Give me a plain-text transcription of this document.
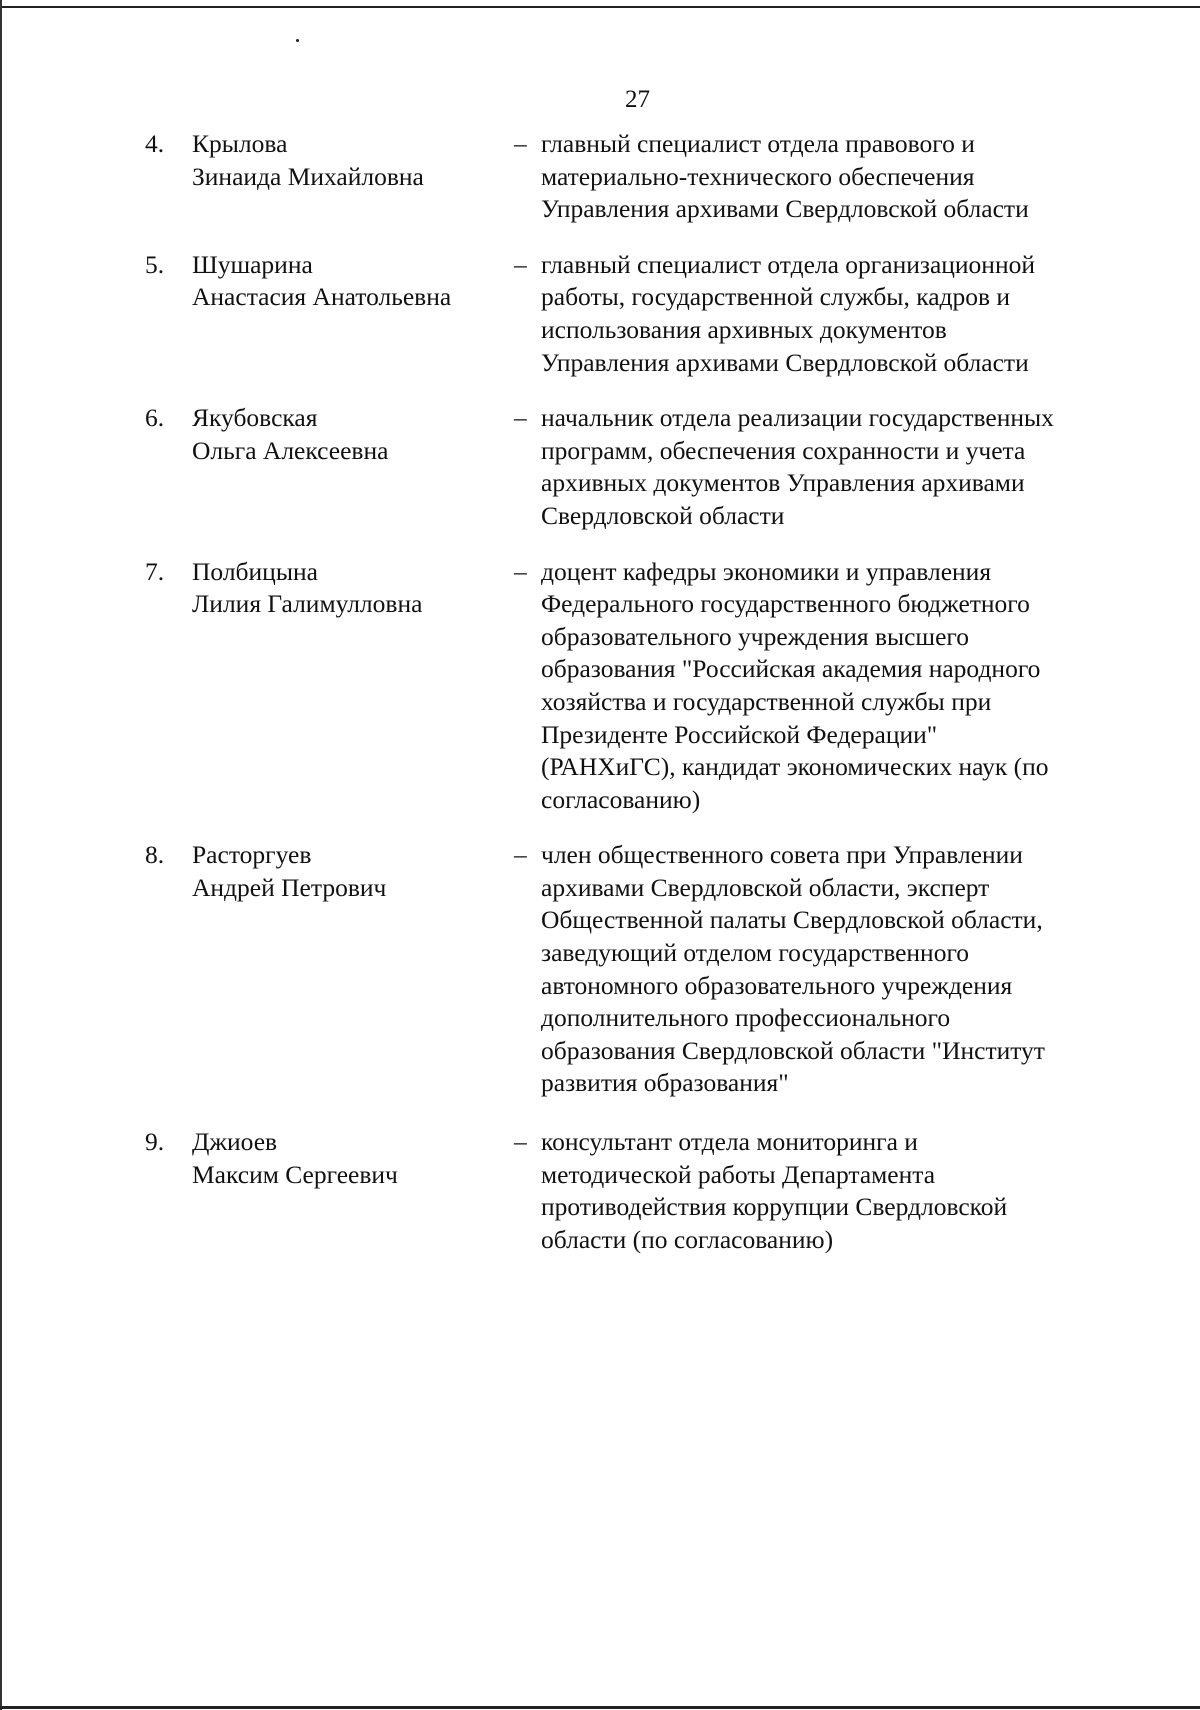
27
4.	Крылова
Зинаида Михайловна
– главный специалист отдела правового и
материально-технического обеспечения
Управления архивами Свердловской области
5.	Шушарина
Анастасия Анатольевна
– главный специалист отдела организационной
работы, государственной службы, кадров и
использования архивных документов
Управления архивами Свердловской области
6.	Якубовская
Ольга Алексеевна
– начальник отдела реализации государственных
программ, обеспечения сохранности и учета
архивных документов Управления архивами
Свердловской области
7.	Полбицына
Лилия Галимулловна
– доцент кафедры экономики и управления
Федерального государственного бюджетного
образовательного учреждения высшего
образования "Российская академия народного
хозяйства и государственной службы при
Президенте Российской Федерации"
(РАНХиГС), кандидат экономических наук (по
согласованию)
8.	Расторгуев
Андрей Петрович
– член общественного совета при Управлении
архивами Свердловской области, эксперт
Общественной палаты Свердловской области,
заведующий отделом государственного
автономного образовательного учреждения
дополнительного профессионального
образования Свердловской области "Институт
развития образования"
9.	Джиоев
Максим Сергеевич
– консультант отдела мониторинга и
методической работы Департамента
противодействия коррупции Свердловской
области (по согласованию)
